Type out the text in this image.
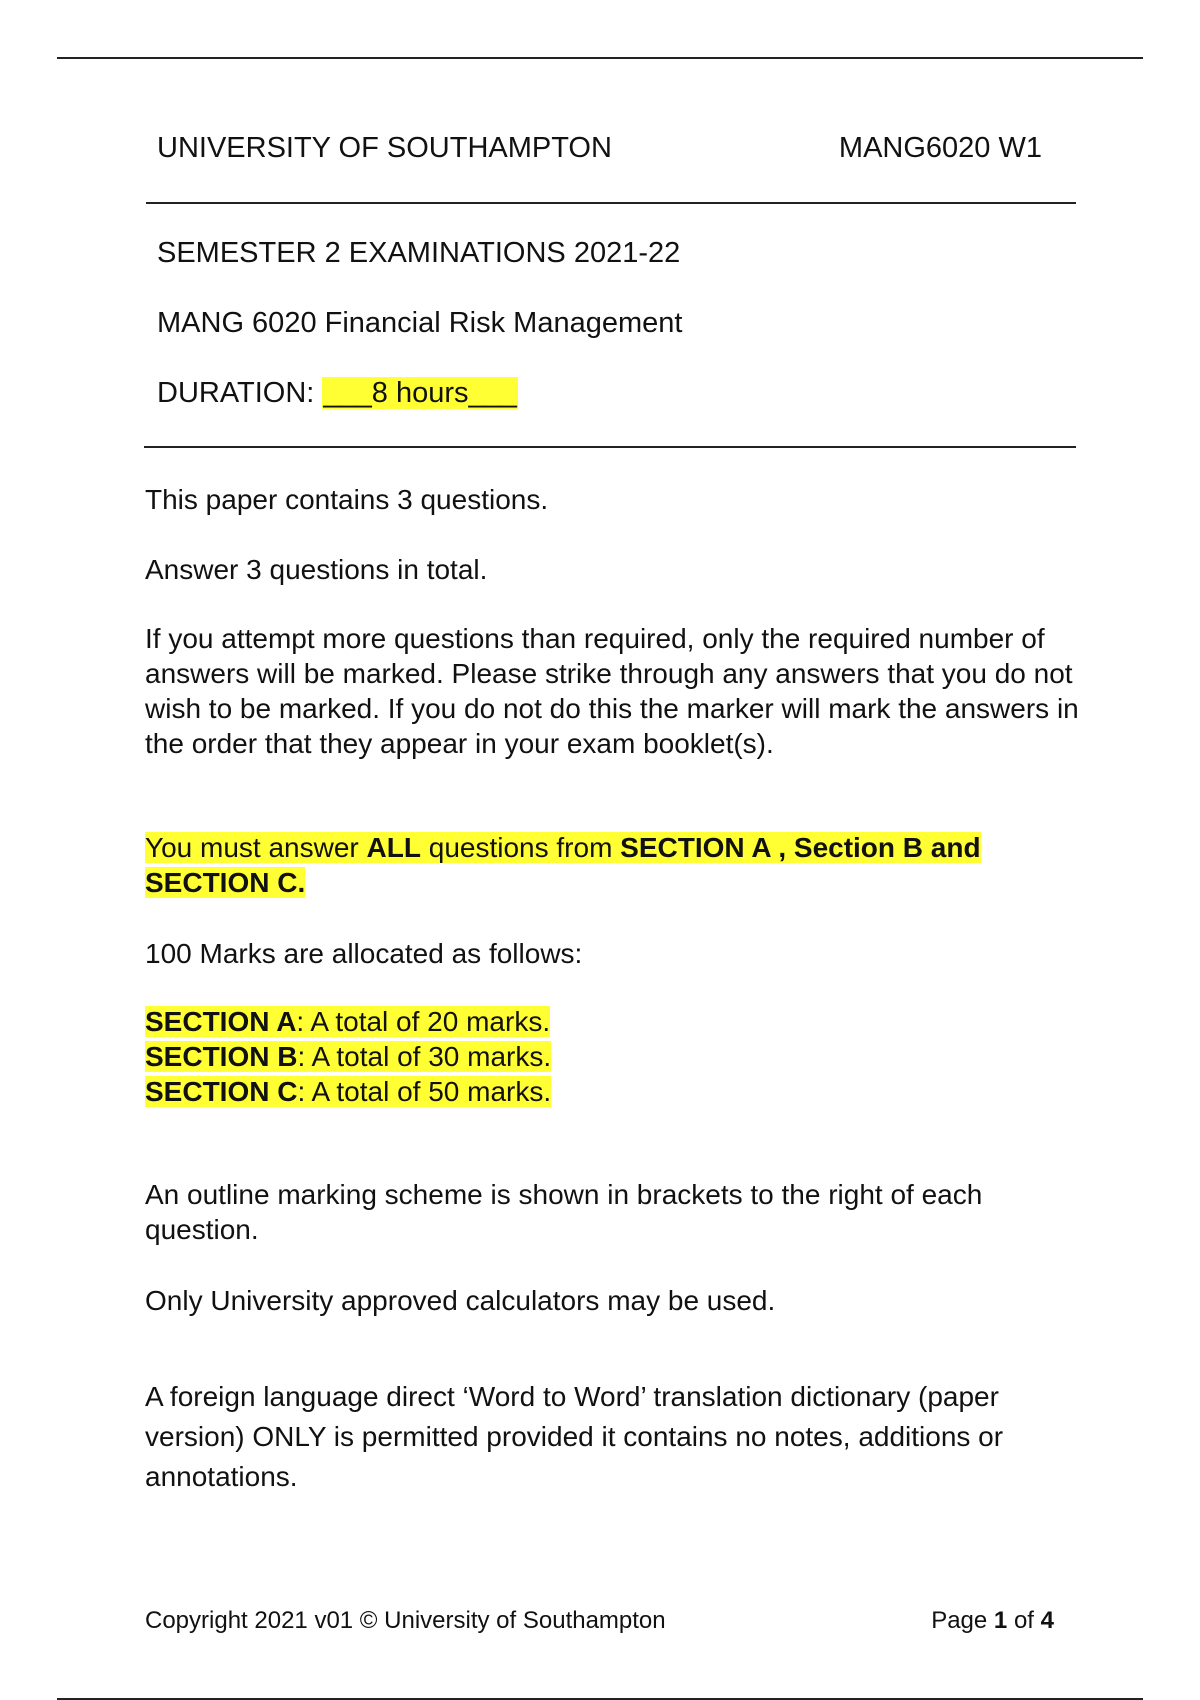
UNIVERSITY OF SOUTHAMPTON	MANG6020 W1
SEMESTER 2 EXAMINATIONS 2021-22
MANG 6020 Financial Risk Management
DURATION: ___8 hours___
This paper contains 3 questions.
Answer 3 questions in total.
If you attempt more questions than required, only the required number of answers will be marked. Please strike through any answers that you do not wish to be marked. If you do not do this the marker will mark the answers in the order that they appear in your exam booklet(s).
You must answer ALL questions from SECTION A , Section B and SECTION C.
100 Marks are allocated as follows:
SECTION A: A total of 20 marks.
SECTION B: A total of 30 marks.
SECTION C: A total of 50 marks.
An outline marking scheme is shown in brackets to the right of each question.
Only University approved calculators may be used.
A foreign language direct ‘Word to Word’ translation dictionary (paper version) ONLY is permitted provided it contains no notes, additions or annotations.
Copyright 2021 v01 © University of Southampton	Page 1 of 4
